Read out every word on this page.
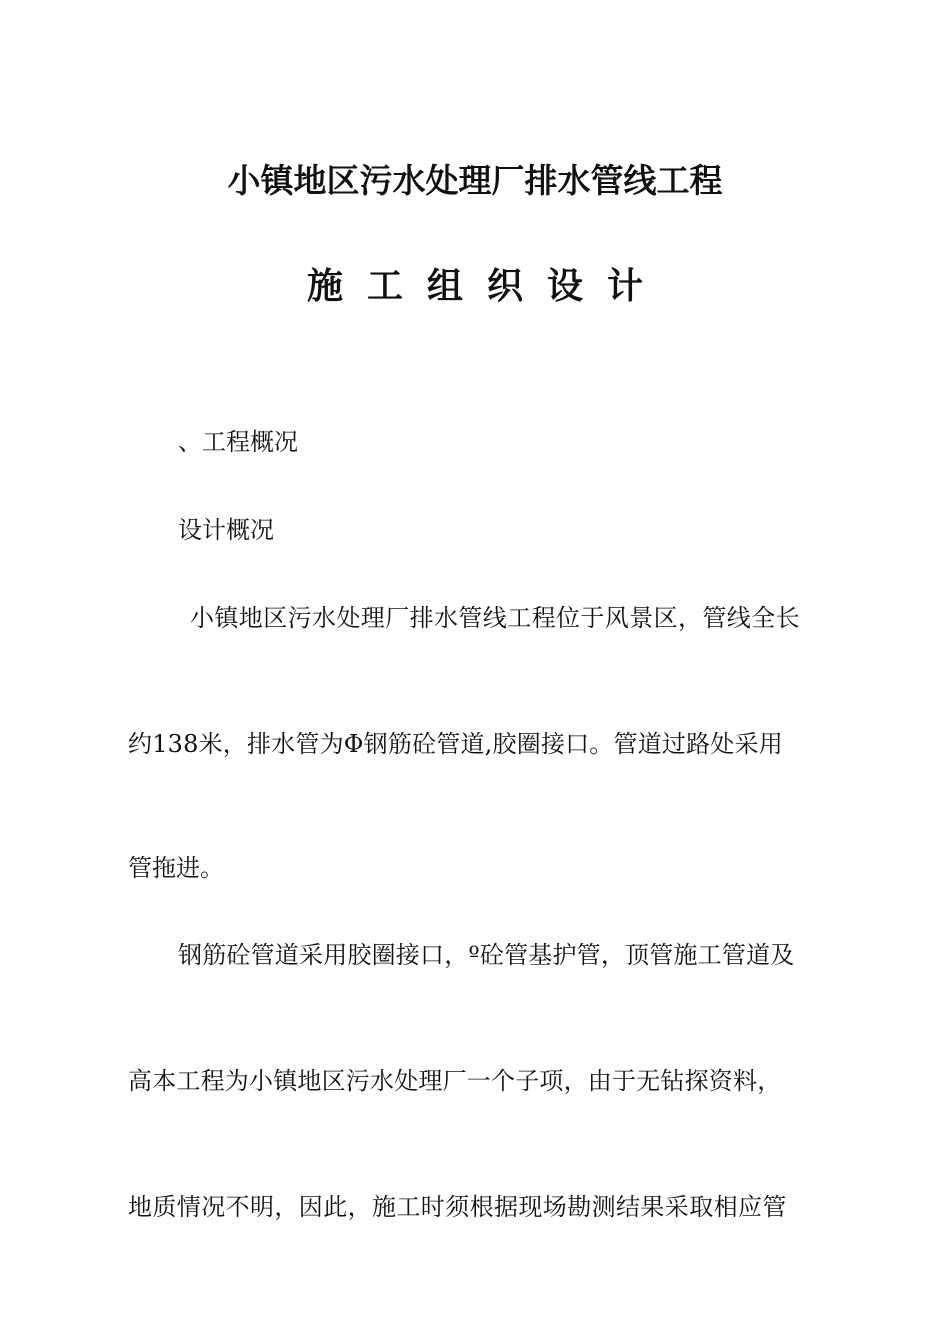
小镇地区污水处理厂排水管线工程
施工组织设计
、工程概况
设计概况
小镇地区污水处理厂排水管线工程位于风景区，管线全长
约138米，排水管为Φ钢筋砼管道,胶圈接口。管道过路处采用
管拖进。
钢筋砼管道采用胶圈接口，º砼管基护管，顶管施工管道及
高本工程为小镇地区污水处理厂一个子项，由于无钻探资料，
地质情况不明，因此，施工时须根据现场勘测结果采取相应管
